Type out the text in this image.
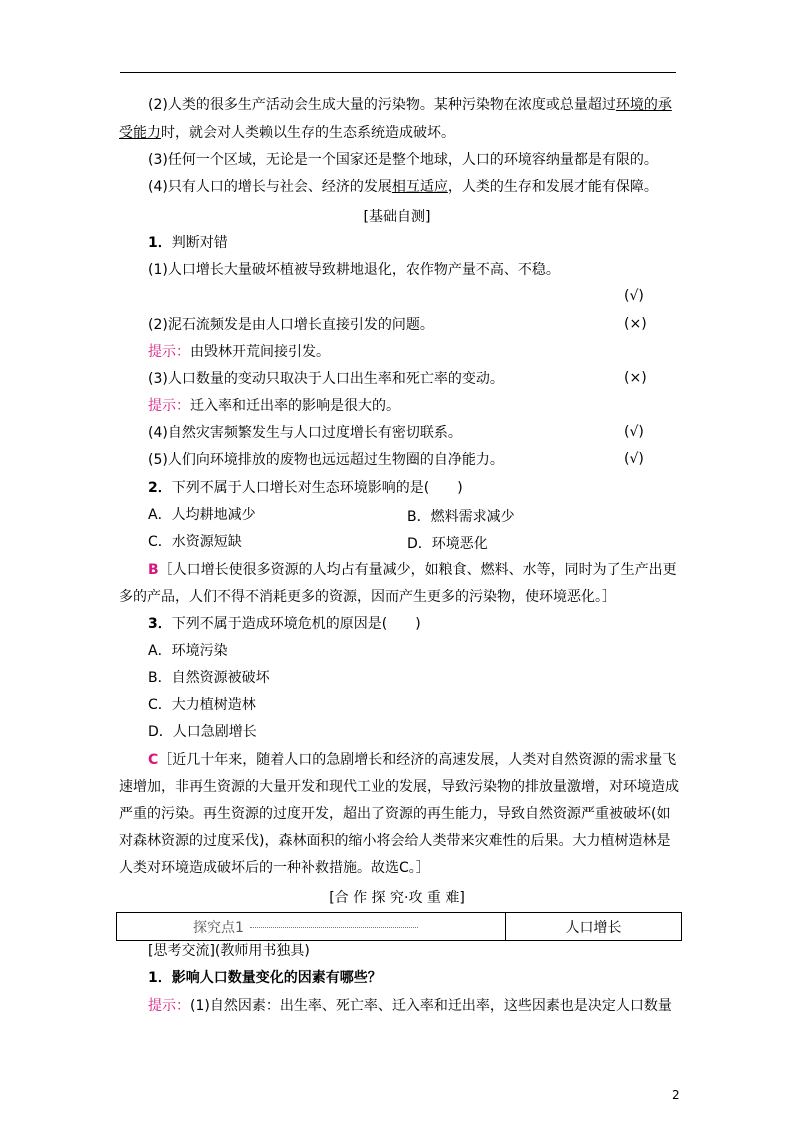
(2)人类的很多生产活动会生成大量的污染物。某种污染物在浓度或总量超过环境的承
受能力时，就会对人类赖以生存的生态系统造成破坏。
(3)任何一个区域，无论是一个国家还是整个地球，人口的环境容纳量都是有限的。
(4)只有人口的增长与社会、经济的发展相互适应，人类的生存和发展才能有保障。
[基础自测]
1．判断对错
(1)人口增长大量破坏植被导致耕地退化，农作物产量不高、不稳。
(√)
(2)泥石流频发是由人口增长直接引发的问题。	(×)
提示：由毁林开荒间接引发。
(3)人口数量的变动只取决于人口出生率和死亡率的变动。	(×)
提示：迁入率和迁出率的影响是很大的。
(4)自然灾害频繁发生与人口过度增长有密切联系。	(√)
(5)人们向环境排放的废物也远远超过生物圈的自净能力。	(√)
2．下列不属于人口增长对生态环境影响的是(　　)
A．人均耕地减少	B．燃料需求减少
C．水资源短缺	D．环境恶化
B［人口增长使很多资源的人均占有量减少，如粮食、燃料、水等，同时为了生产出更
多的产品，人们不得不消耗更多的资源，因而产生更多的污染物，使环境恶化。］
3．下列不属于造成环境危机的原因是(　　)
A．环境污染
B．自然资源被破坏
C．大力植树造林
D．人口急剧增长
C［近几十年来，随着人口的急剧增长和经济的高速发展，人类对自然资源的需求量飞
速增加，非再生资源的大量开发和现代工业的发展，导致污染物的排放量激增，对环境造成
严重的污染。再生资源的过度开发，超出了资源的再生能力，导致自然资源严重被破坏(如
对森林资源的过度采伐)，森林面积的缩小将会给人类带来灾难性的后果。大力植树造林是
人类对环境造成破坏后的一种补救措施。故选C。］
[合 作 探 究·攻 重 难]
探究点1	人口增长
[思考交流](教师用书独具)
1．影响人口数量变化的因素有哪些？
提示：(1)自然因素：出生率、死亡率、迁入率和迁出率，这些因素也是决定人口数量
2
